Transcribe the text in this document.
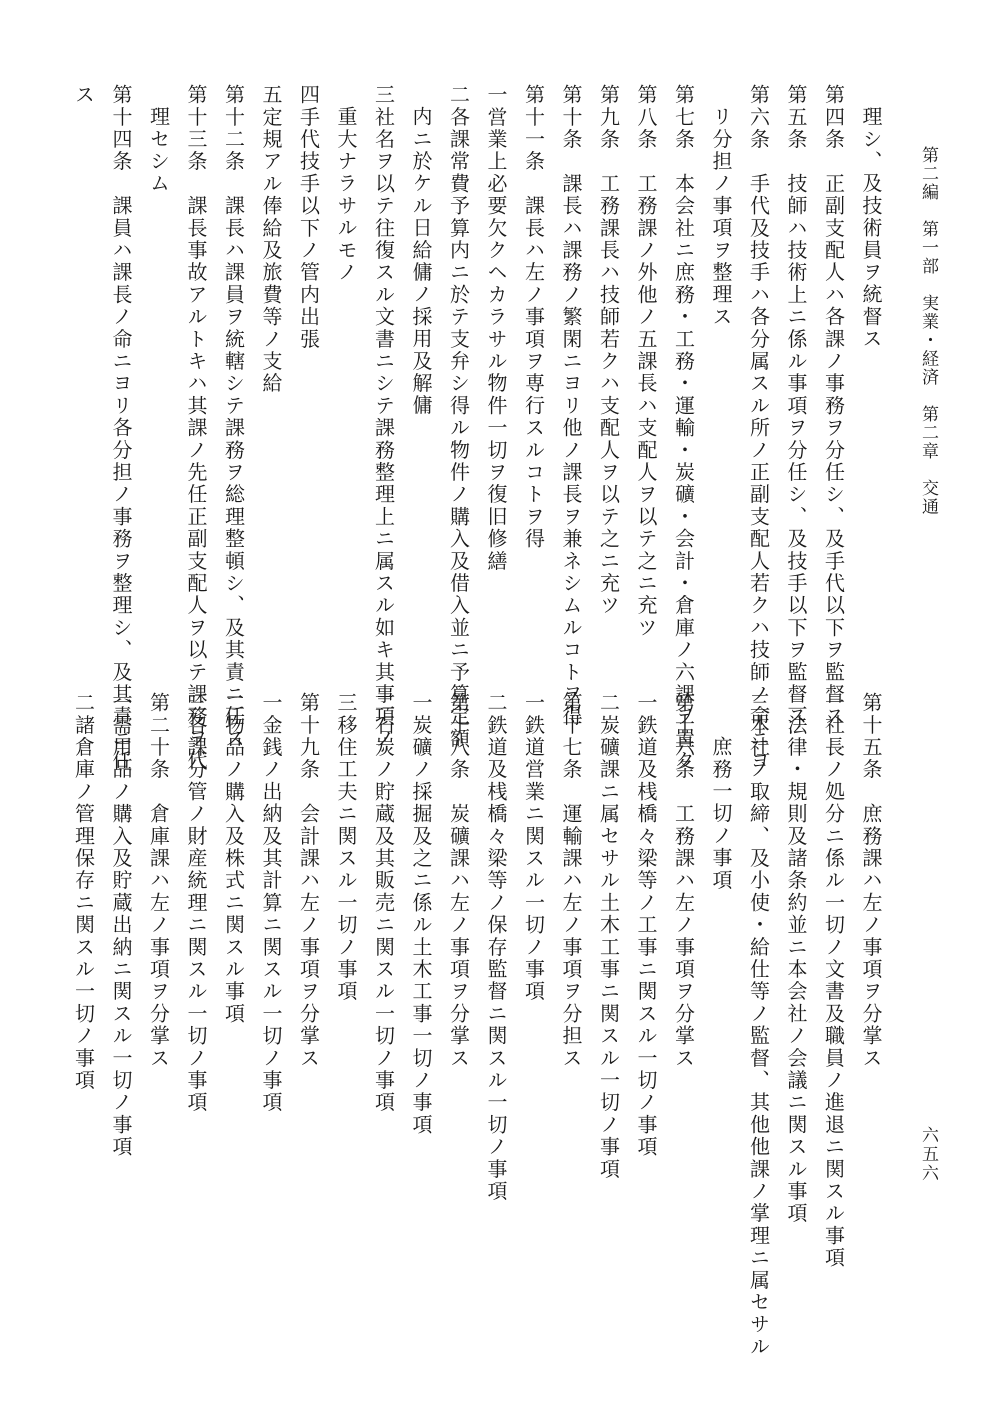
第二編　第一部　実業・経済　第二章　交通
理シ、及技術員ヲ統督ス
第四条　正副支配人ハ各課ノ事務ヲ分任シ、及手代以下ヲ監督ス
第五条　技師ハ技術上ニ係ル事項ヲ分任シ、及技手以下ヲ監督ス
第六条　手代及技手ハ各分属スル所ノ正副支配人若クハ技師ノ命ニヨ
リ分担ノ事項ヲ整理ス
第七条　本会社ニ庶務・工務・運輸・炭礦・会計・倉庫ノ六課ヲ置ク
第八条　工務課ノ外他ノ五課長ハ支配人ヲ以テ之ニ充ツ
第九条　工務課長ハ技師若クハ支配人ヲ以テ之ニ充ツ
第十条　課長ハ課務ノ繁閑ニヨリ他ノ課長ヲ兼ネシムルコトヲ得
第十一条　課長ハ左ノ事項ヲ専行スルコトヲ得
一営業上必要欠クヘカラサル物件一切ヲ復旧修繕
二各課常費予算内ニ於テ支弁シ得ル物件ノ購入及借入並ニ予算定額
内ニ於ケル日給傭ノ採用及解傭
三社名ヲ以テ往復スル文書ニシテ課務整理上ニ属スル如キ其事項ノ
重大ナラサルモノ
四手代技手以下ノ管内出張
五定規アル俸給及旅費等ノ支給
第十二条　課長ハ課員ヲ統轄シテ課務ヲ総理整頓シ、及其責ニ任ス
第十三条　課長事故アルトキハ其課ノ先任正副支配人ヲ以テ課務ヲ代
理セシム
第十四条　課員ハ課長ノ命ニヨリ各分担ノ事務ヲ整理シ、及其責ニ任
ス
第十五条　庶務課ハ左ノ事項ヲ分掌ス
一社長ノ処分ニ係ル一切ノ文書及職員ノ進退ニ関スル事項
二法律・規則及諸条約並ニ本会社ノ会議ニ関スル事項
三本社ノ取締、及小使・給仕等ノ監督、其他他課ノ掌理ニ属セサル
庶務一切ノ事項
第十六条　工務課ハ左ノ事項ヲ分掌ス
一鉄道及桟橋々梁等ノ工事ニ関スル一切ノ事項
二炭礦課ニ属セサル土木工事ニ関スル一切ノ事項
第十七条　運輸課ハ左ノ事項ヲ分担ス
一鉄道営業ニ関スル一切ノ事項
二鉄道及桟橋々梁等ノ保存監督ニ関スル一切ノ事項
第十八条　炭礦課ハ左ノ事項ヲ分掌ス
一炭礦ノ採掘及之ニ係ル土木工事一切ノ事項
二石炭ノ貯蔵及其販売ニ関スル一切ノ事項
三移住工夫ニ関スル一切ノ事項
第十九条　会計課ハ左ノ事項ヲ分掌ス
一金銭ノ出納及其計算ニ関スル一切ノ事項
二物品ノ購入及株式ニ関スル事項
三各課分管ノ財産統理ニ関スル一切ノ事項
第二十条　倉庫課ハ左ノ事項ヲ分掌ス
一需用品ノ購入及貯蔵出納ニ関スル一切ノ事項
二諸倉庫ノ管理保存ニ関スル一切ノ事項
六五六
